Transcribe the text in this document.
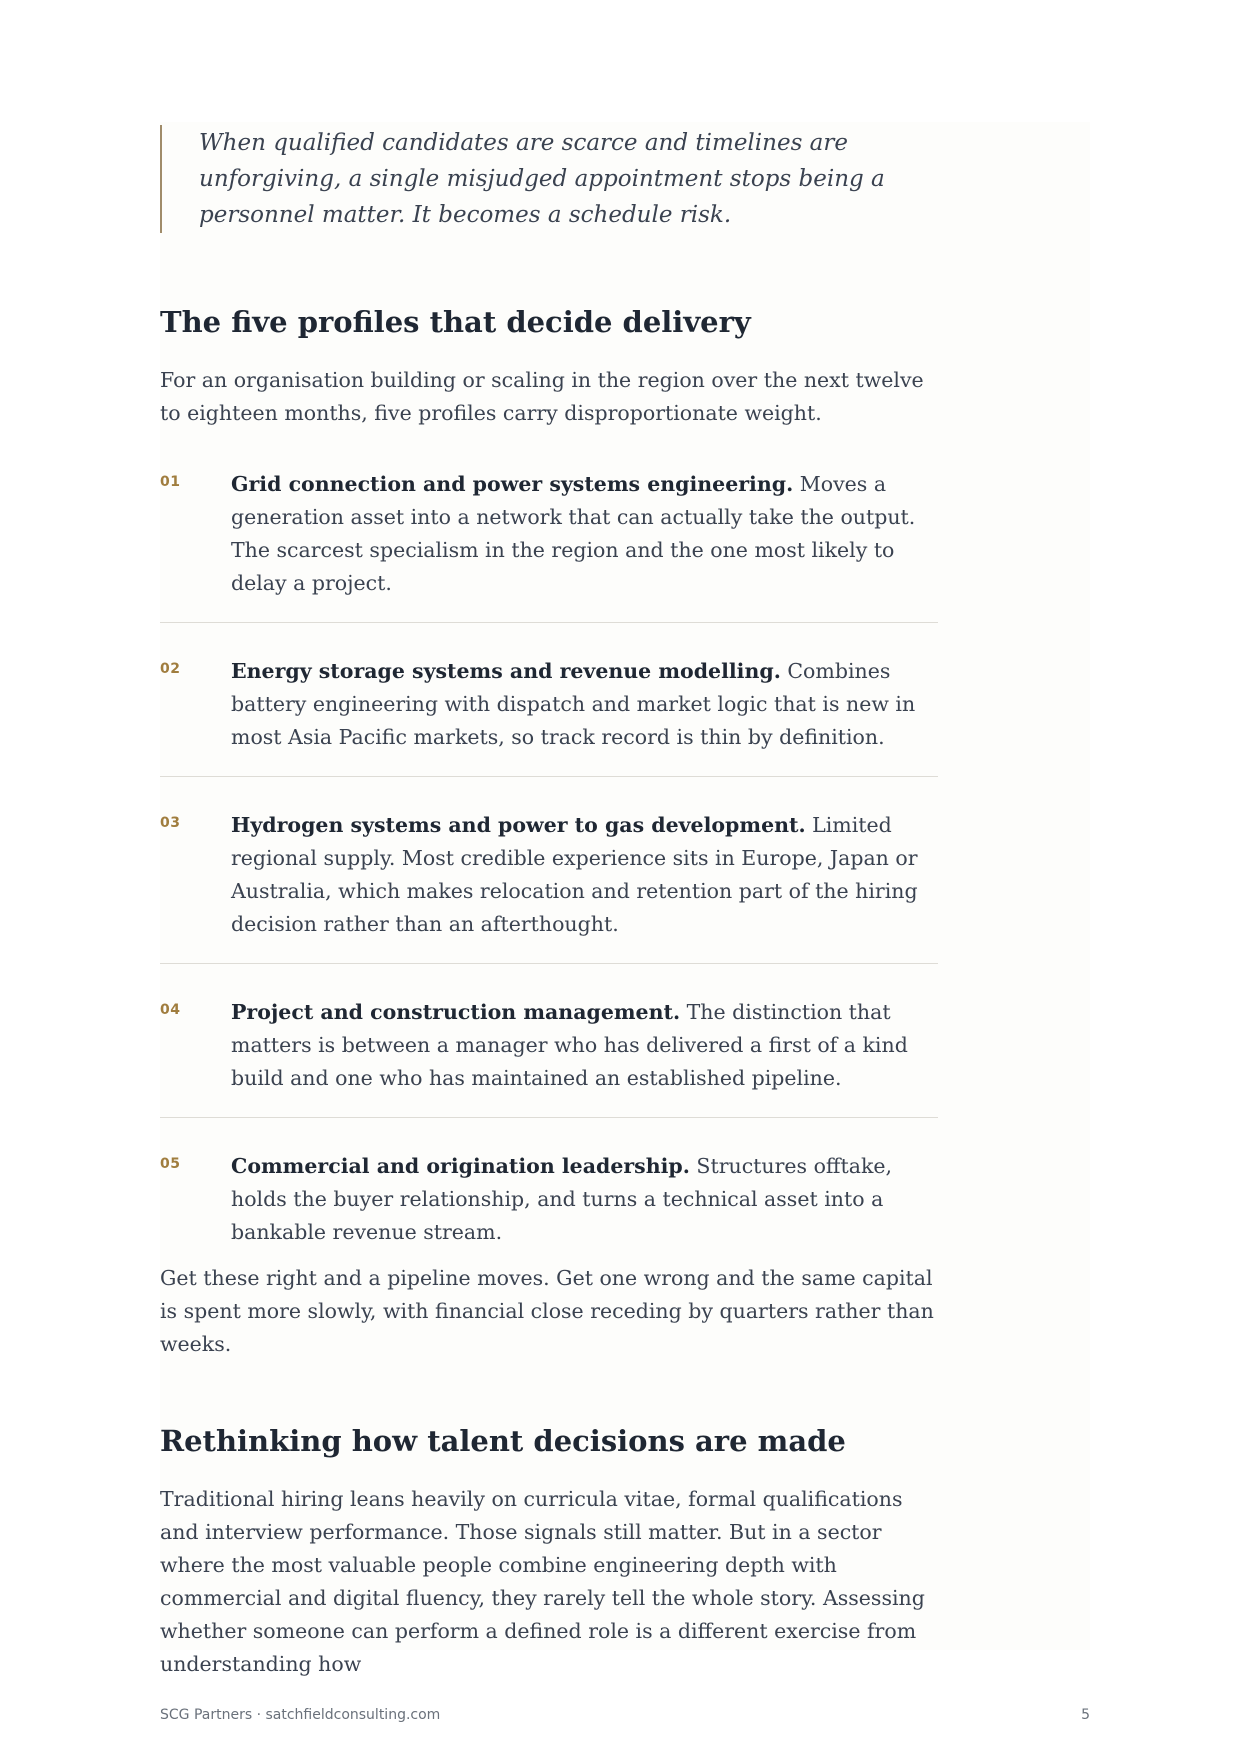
When qualified candidates are scarce and timelines are unforgiving, a single misjudged appointment stops being a personnel matter. It becomes a schedule risk.
The five profiles that decide delivery

For an organisation building or scaling in the region over the next twelve to eighteen months, five profiles carry disproportionate weight.

01 Grid connection and power systems engineering. Moves a generation asset into a network that can actually take the output. The scarcest specialism in the region and the one most likely to delay a project.
02 Energy storage systems and revenue modelling. Combines battery engineering with dispatch and market logic that is new in most Asia Pacific markets, so track record is thin by definition.
03 Hydrogen systems and power to gas development. Limited regional supply. Most credible experience sits in Europe, Japan or Australia, which makes relocation and retention part of the hiring decision rather than an afterthought.
04 Project and construction management. The distinction that matters is between a manager who has delivered a first of a kind build and one who has maintained an established pipeline.
05 Commercial and origination leadership. Structures offtake, holds the buyer relationship, and turns a technical asset into a bankable revenue stream.

Get these right and a pipeline moves. Get one wrong and the same capital is spent more slowly, with financial close receding by quarters rather than weeks.

Rethinking how talent decisions are made

Traditional hiring leans heavily on curricula vitae, formal qualifications and interview performance. Those signals still matter. But in a sector where the most valuable people combine engineering depth with commercial and digital fluency, they rarely tell the whole story. Assessing whether someone can perform a defined role is a different exercise from understanding how

SCG Partners · satchfieldconsulting.com	5
